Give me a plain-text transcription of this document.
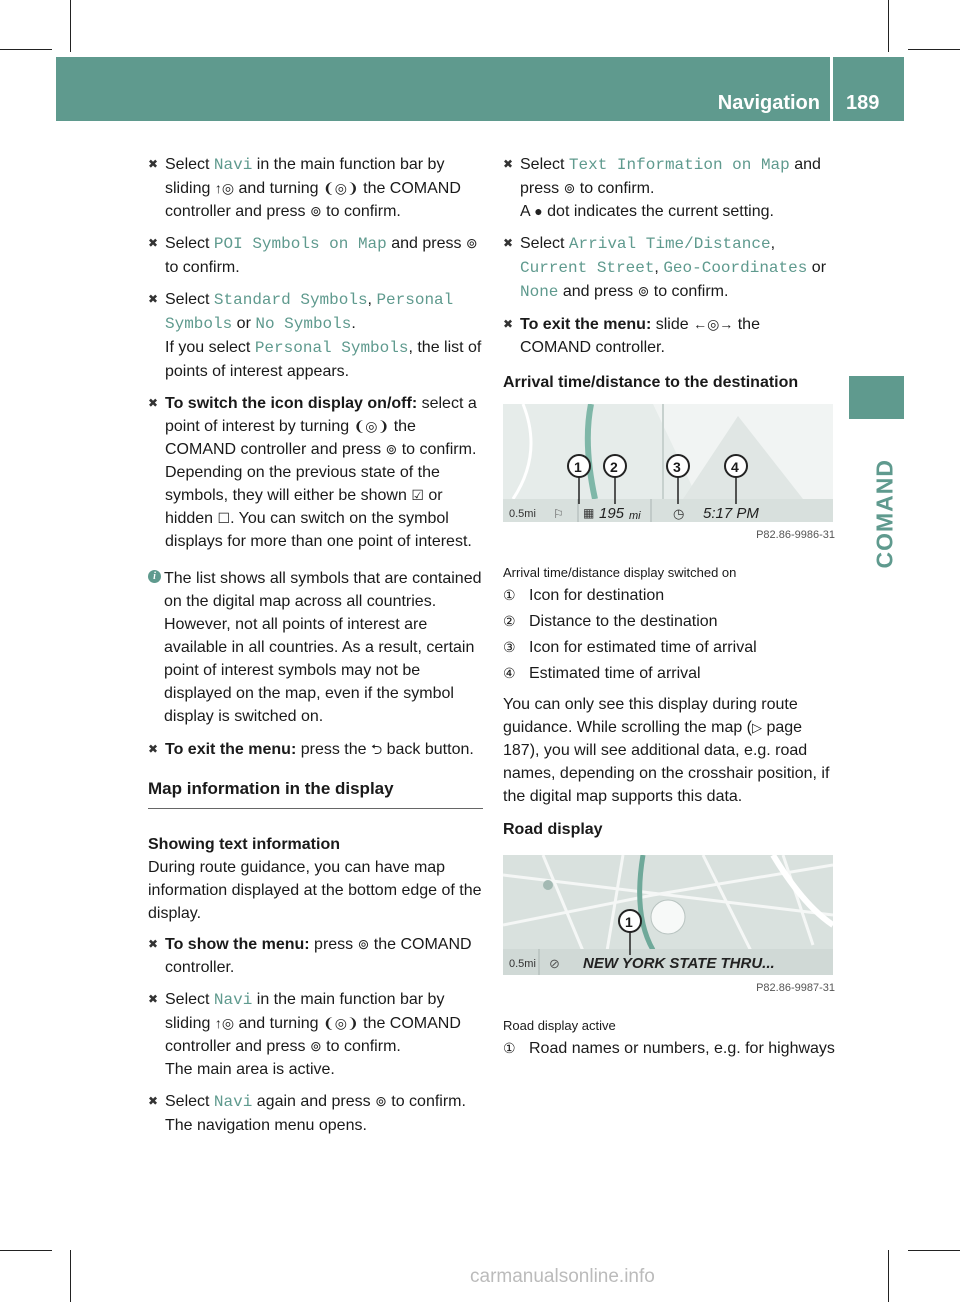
Navigation 189
COMAND
✖ Select Navi in the main function bar by sliding ↑◎ and turning ❨◎❩ the COMAND controller and press ⊚ to confirm.
✖ Select POI Symbols on Map and press ⊚ to confirm.
✖ Select Standard Symbols, Personal Symbols or No Symbols.
If you select Personal Symbols, the list of points of interest appears.
✖ To switch the icon display on/off: select a point of interest by turning ❨◎❩ the COMAND controller and press ⊚ to confirm.
Depending on the previous state of the symbols, they will either be shown ☑ or hidden ☐. You can switch on the symbol displays for more than one point of interest.
i The list shows all symbols that are contained on the digital map across all countries. However, not all points of interest are available in all countries. As a result, certain point of interest symbols may not be displayed on the map, even if the symbol display is switched on.
✖ To exit the menu: press the ⮌ back button.
Map information in the display
Showing text information
During route guidance, you can have map information displayed at the bottom edge of the display.
✖ To show the menu: press ⊚ the COMAND controller.
✖ Select Navi in the main function bar by sliding ↑◎ and turning ❨◎❩ the COMAND controller and press ⊚ to confirm.
The main area is active.
✖ Select Navi again and press ⊚ to confirm.
The navigation menu opens.
✖ Select Text Information on Map and press ⊚ to confirm.
A ● dot indicates the current setting.
✖ Select Arrival Time/Distance, Current Street, Geo-Coordinates or None and press ⊚ to confirm.
✖ To exit the menu: slide ←◎→ the COMAND controller.
Arrival time/distance to the destination
1 2	3	4
0.5mi ⚐ ▦ 195 mi ◷ 5:17 PM
P82.86-9986-31
Arrival time/distance display switched on
① Icon for destination
② Distance to the destination
③ Icon for estimated time of arrival
④ Estimated time of arrival
You can only see this display during route guidance. While scrolling the map (▷ page 187), you will see additional data, e.g. road names, depending on the crosshair position, if the digital map supports this data.
Road display
1
0.5mi ⊘ NEW YORK STATE THRU...
P82.86-9987-31
Road display active
① Road names or numbers, e.g. for highways
carmanualsonline.info
